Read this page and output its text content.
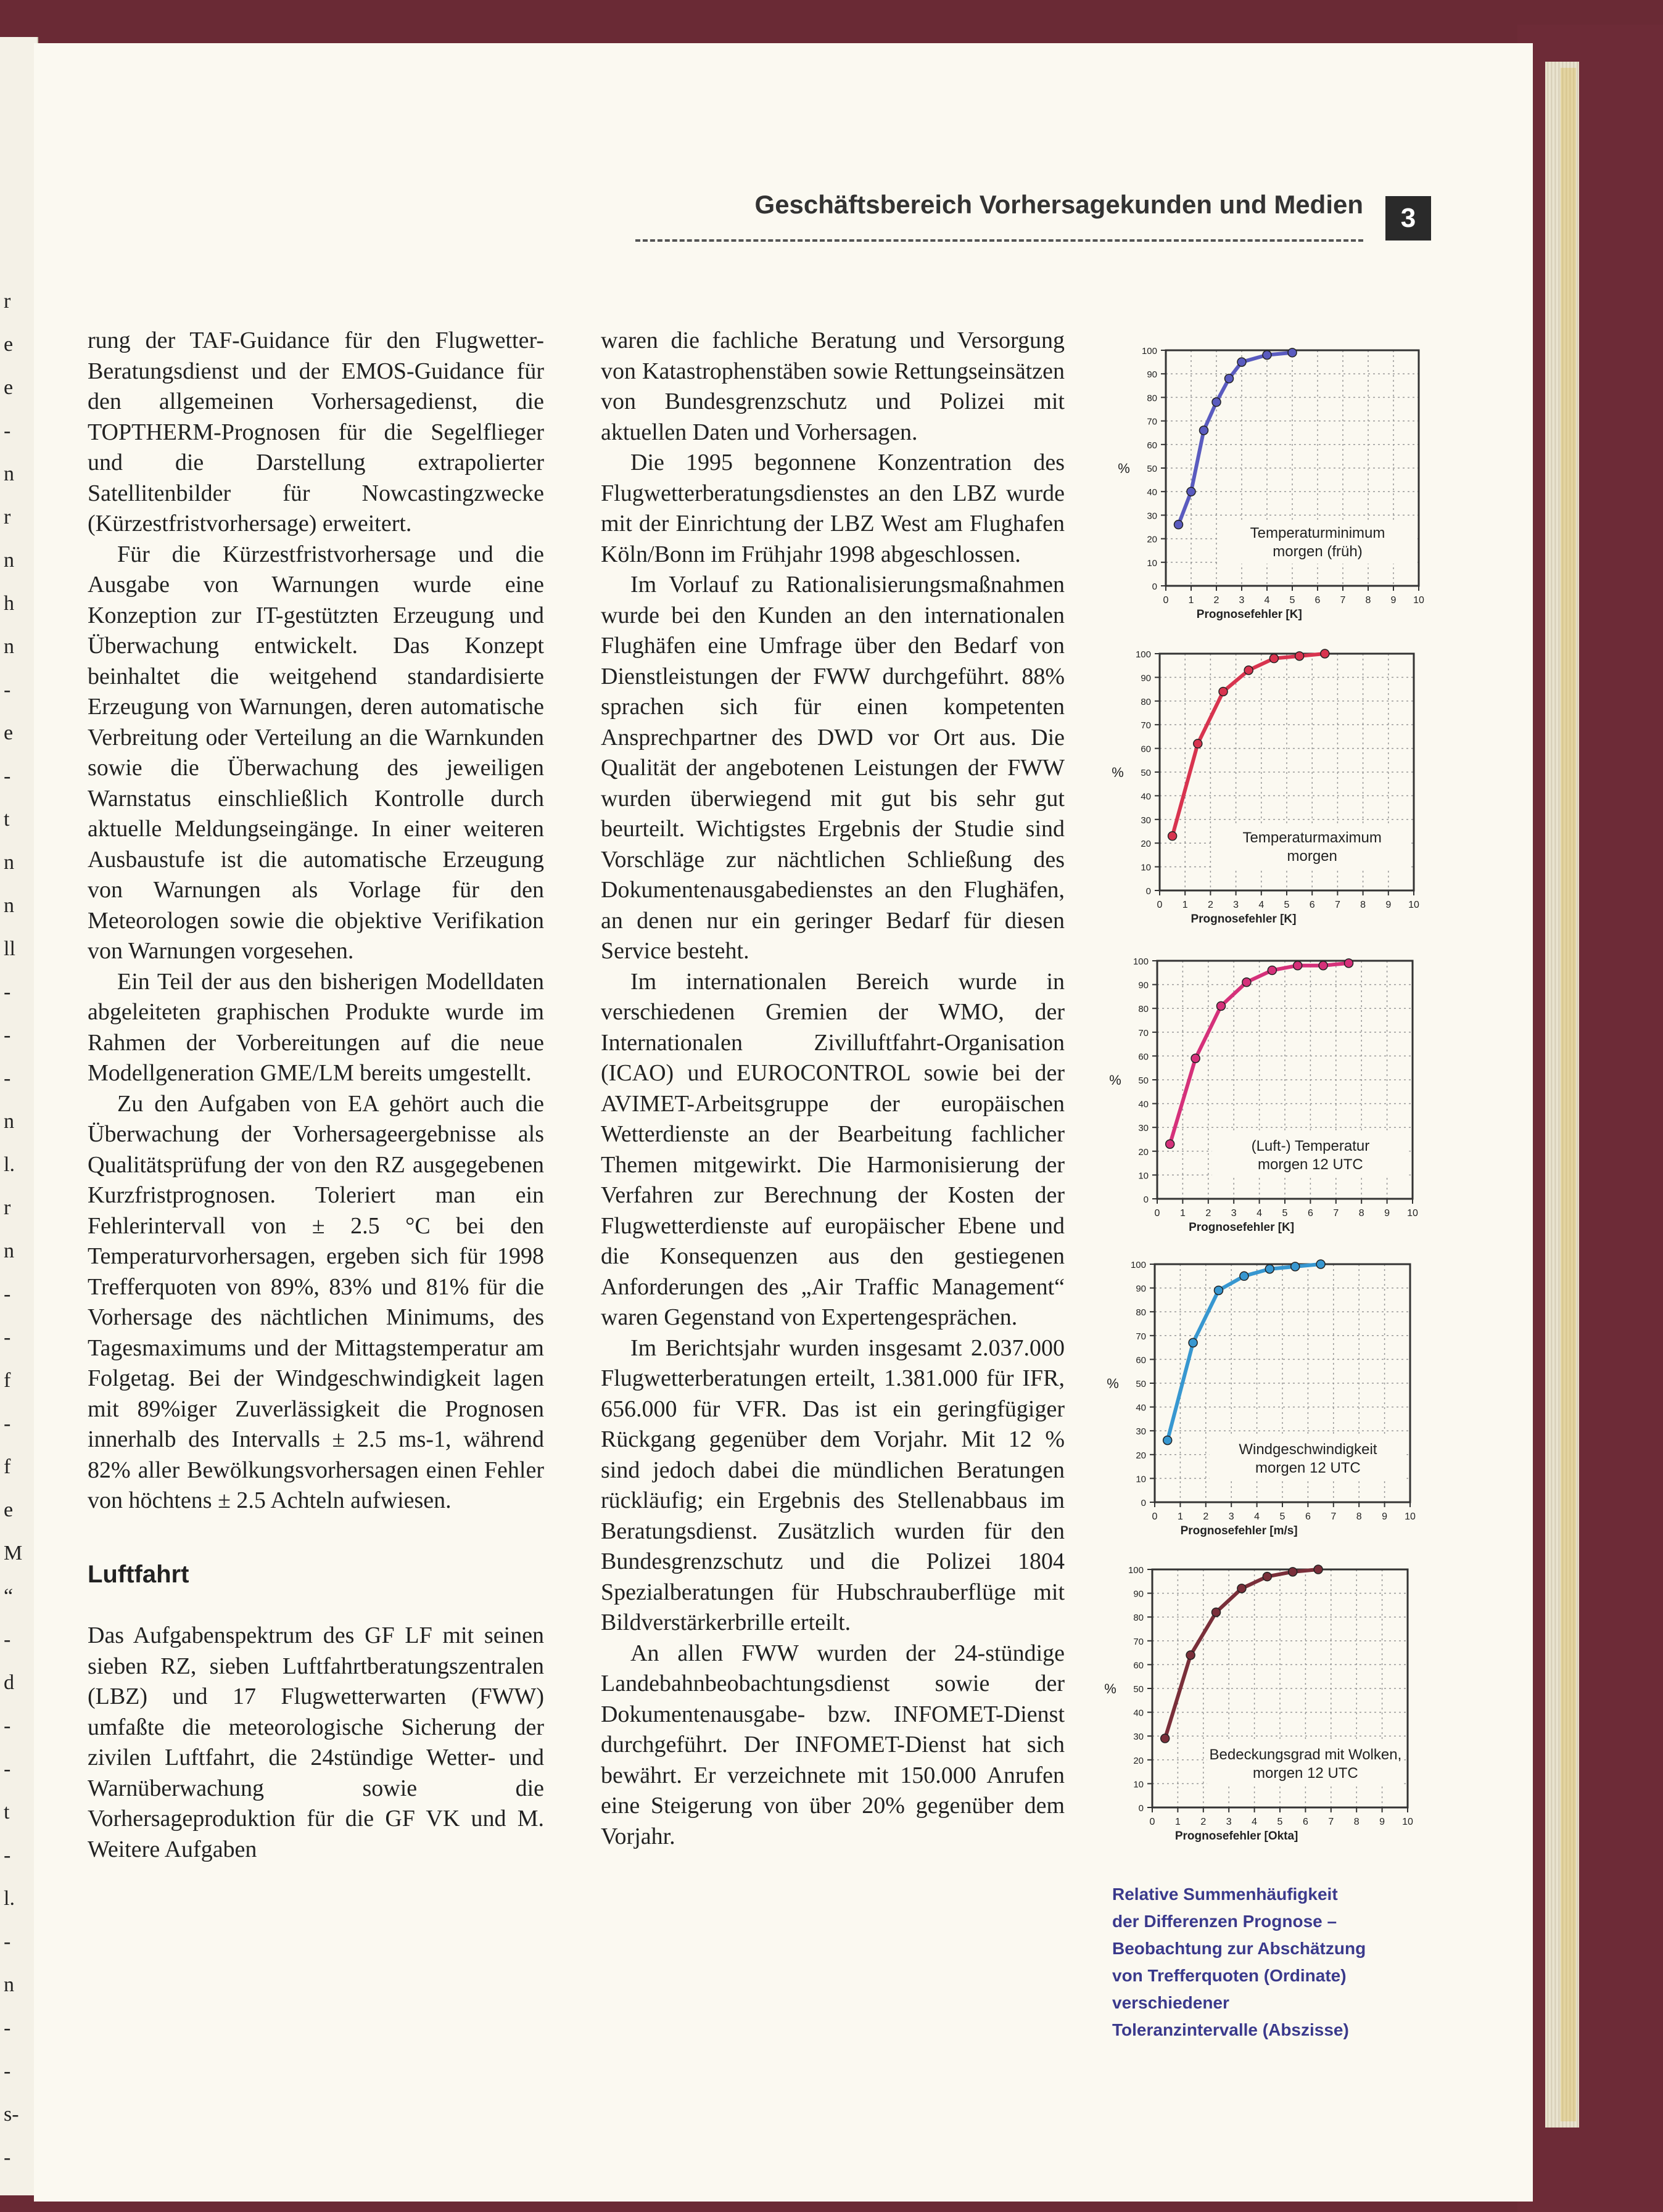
r
e
e
-
n
r
n
h
n
-
e
-
t
n
n
ll
-
-
-
n
l.
r
n
-
-
f
-
f
e
M
“
-
d
-
-
t
-
l.
-
n
-
-
s-
-
Geschäftsbereich Vorhersagekunden und Medien	3

rung der TAF-Guidance für den Flugwetter-Beratungsdienst und der EMOS-Guidance für den allgemeinen Vorhersagedienst, die TOPTHERM-Prognosen für die Segelflieger und die Darstellung extrapolierter Satellitenbilder für Nowcastingzwecke (Kürzestfristvorhersage) erweitert.

Für die Kürzestfristvorhersage und die Ausgabe von Warnungen wurde eine Konzeption zur IT-gestützten Erzeugung und Überwachung entwickelt. Das Konzept beinhaltet die weitgehend standardisierte Erzeugung von Warnungen, deren automatische Verbreitung oder Verteilung an die Warnkunden sowie die Überwachung des jeweiligen Warnstatus einschließlich Kontrolle durch aktuelle Meldungseingänge. In einer weiteren Ausbaustufe ist die automatische Erzeugung von Warnungen als Vorlage für den Meteorologen sowie die objektive Verifikation von Warnungen vorgesehen.

Ein Teil der aus den bisherigen Modelldaten abgeleiteten graphischen Produkte wurde im Rahmen der Vorbereitungen auf die neue Modellgeneration GME/LM bereits umgestellt.

Zu den Aufgaben von EA gehört auch die Überwachung der Vorhersageergebnisse als Qualitätsprüfung der von den RZ ausgegebenen Kurzfristprognosen. Toleriert man ein Fehlerintervall von ± 2.5 °C bei den Temperaturvorhersagen, ergeben sich für 1998 Trefferquoten von 89%, 83% und 81% für die Vorhersage des nächtlichen Minimums, des Tagesmaximums und der Mittagstemperatur am Folgetag. Bei der Windgeschwindigkeit lagen mit 89%iger Zuverlässigkeit die Prognosen innerhalb des Intervalls ± 2.5 ms-1, während 82% aller Bewölkungsvorhersagen einen Fehler von höchtens ± 2.5 Achteln aufwiesen.

Luftfahrt

Das Aufgabenspektrum des GF LF mit seinen sieben RZ, sieben Luftfahrtberatungszentralen (LBZ) und 17 Flugwetterwarten (FWW) umfaßte die meteorologische Sicherung der zivilen Luftfahrt, die 24stündige Wetter- und Warnüberwachung sowie die Vorhersageproduktion für die GF VK und M. Weitere Aufgaben

waren die fachliche Beratung und Versorgung von Katastrophenstäben sowie Rettungseinsätzen von Bundesgrenzschutz und Polizei mit aktuellen Daten und Vorhersagen.

Die 1995 begonnene Konzentration des Flugwetterberatungsdienstes an den LBZ wurde mit der Einrichtung der LBZ West am Flughafen Köln/Bonn im Frühjahr 1998 abgeschlossen.

Im Vorlauf zu Rationalisierungsmaßnahmen wurde bei den Kunden an den internationalen Flughäfen eine Umfrage über den Bedarf von Dienstleistungen der FWW durchgeführt. 88% sprachen sich für einen kompetenten Ansprechpartner des DWD vor Ort aus. Die Qualität der angebotenen Leistungen der FWW wurden überwiegend mit gut bis sehr gut beurteilt. Wichtigstes Ergebnis der Studie sind Vorschläge zur nächtlichen Schließung des Dokumentenausgabedienstes an den Flughäfen, an denen nur ein geringer Bedarf für diesen Service besteht.

Im internationalen Bereich wurde in verschiedenen Gremien der WMO, der Internationalen Zivilluftfahrt-Organisation (ICAO) und EUROCONTROL sowie bei der AVIMET-Arbeitsgruppe der europäischen Wetterdienste an der Bearbeitung fachlicher Themen mitgewirkt. Die Harmonisierung der Verfahren zur Berechnung der Kosten der Flugwetterdienste auf europäischer Ebene und die Konsequenzen aus den gestiegenen Anforderungen des „Air Traffic Management“ waren Gegenstand von Expertengesprächen.

Im Berichtsjahr wurden insgesamt 2.037.000 Flugwetterberatungen erteilt, 1.381.000 für IFR, 656.000 für VFR. Das ist ein geringfügiger Rückgang gegenüber dem Vorjahr. Mit 12 % sind jedoch dabei die mündlichen Beratungen rückläufig; ein Ergebnis des Stellenabbaus im Beratungsdienst. Zusätzlich wurden für den Bundesgrenzschutz und die Polizei 1804 Spezialberatungen für Hubschrauberflüge mit Bildverstärkerbrille erteilt.

An allen FWW wurden der 24-stündige Landebahnbeobachtungsdienst sowie der Dokumentenausgabe- bzw. INFOMET-Dienst durchgeführt. Der INFOMET-Dienst hat sich bewährt. Er verzeichnete mit 150.000 Anrufen eine Steigerung von über 20% gegenüber dem Vorjahr.

0
10
20
30
40
50
60
70
80
90
100
0 1 2 3 4 5 6 7 8 9 10
Prognosefehler [K]
%
Temperaturminimum
morgen (früh)
0
10
20
30
40
50
60
70
80
90
100
0 1 2 3 4 5 6 7 8 9 10
Prognosefehler [K]
%
Temperaturmaximum
morgen
0
10
20
30
40
50
60
70
80
90
100
0 1 2 3 4 5 6 7 8 9 10
Prognosefehler [K]
%
(Luft-) Temperatur
morgen 12 UTC
0
10
20
30
40
50
60
70
80
90
100
0 1 2 3 4 5 6 7 8 9 10
Prognosefehler [m/s]
%
Windgeschwindigkeit
morgen 12 UTC
0
10
20
30
40
50
60
70
80
90
100
0 1 2 3 4 5 6 7 8 9 10
Prognosefehler [Okta]
%
Bedeckungsgrad mit Wolken,
morgen 12 UTC
Relative Summenhäufigkeit
der Differenzen Prognose –
Beobachtung zur Abschätzung
von Trefferquoten (Ordinate)
verschiedener
Toleranzintervalle (Abszisse)
